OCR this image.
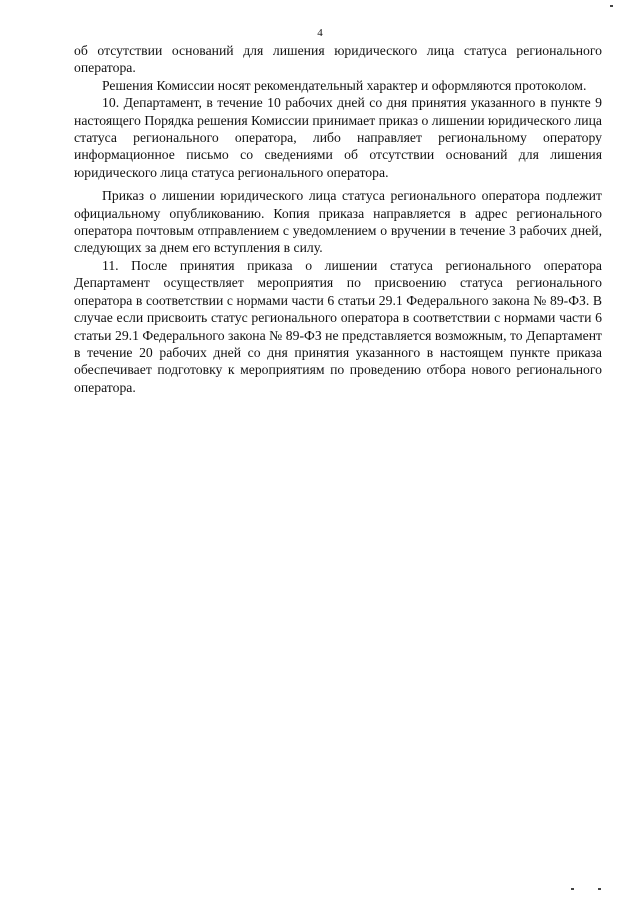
4

об отсутствии оснований для лишения юридического лица статуса регионального оператора.

Решения Комиссии носят рекомендательный характер и оформляются протоколом.

10. Департамент, в течение 10 рабочих дней со дня принятия указанного в пункте 9 настоящего Порядка решения Комиссии принимает приказ о лишении юридического лица статуса регионального оператора, либо направляет региональному оператору информационное письмо со сведениями об отсутствии оснований для лишения юридического лица статуса регионального оператора.

Приказ о лишении юридического лица статуса регионального оператора подлежит официальному опубликованию. Копия приказа направляется в адрес регионального оператора почтовым отправлением с уведомлением о вручении в течение 3 рабочих дней, следующих за днем его вступления в силу.

11. После принятия приказа о лишении статуса регионального оператора Департамент осуществляет мероприятия по присвоению статуса регионального оператора в соответствии с нормами части 6 статьи 29.1 Федерального закона № 89-ФЗ. В случае если присвоить статус регионального оператора в соответствии с нормами части 6 статьи 29.1 Федерального закона № 89-ФЗ не представляется возможным, то Департамент в течение 20 рабочих дней со дня принятия указанного в настоящем пункте приказа обеспечивает подготовку к мероприятиям по проведению отбора нового регионального оператора.
